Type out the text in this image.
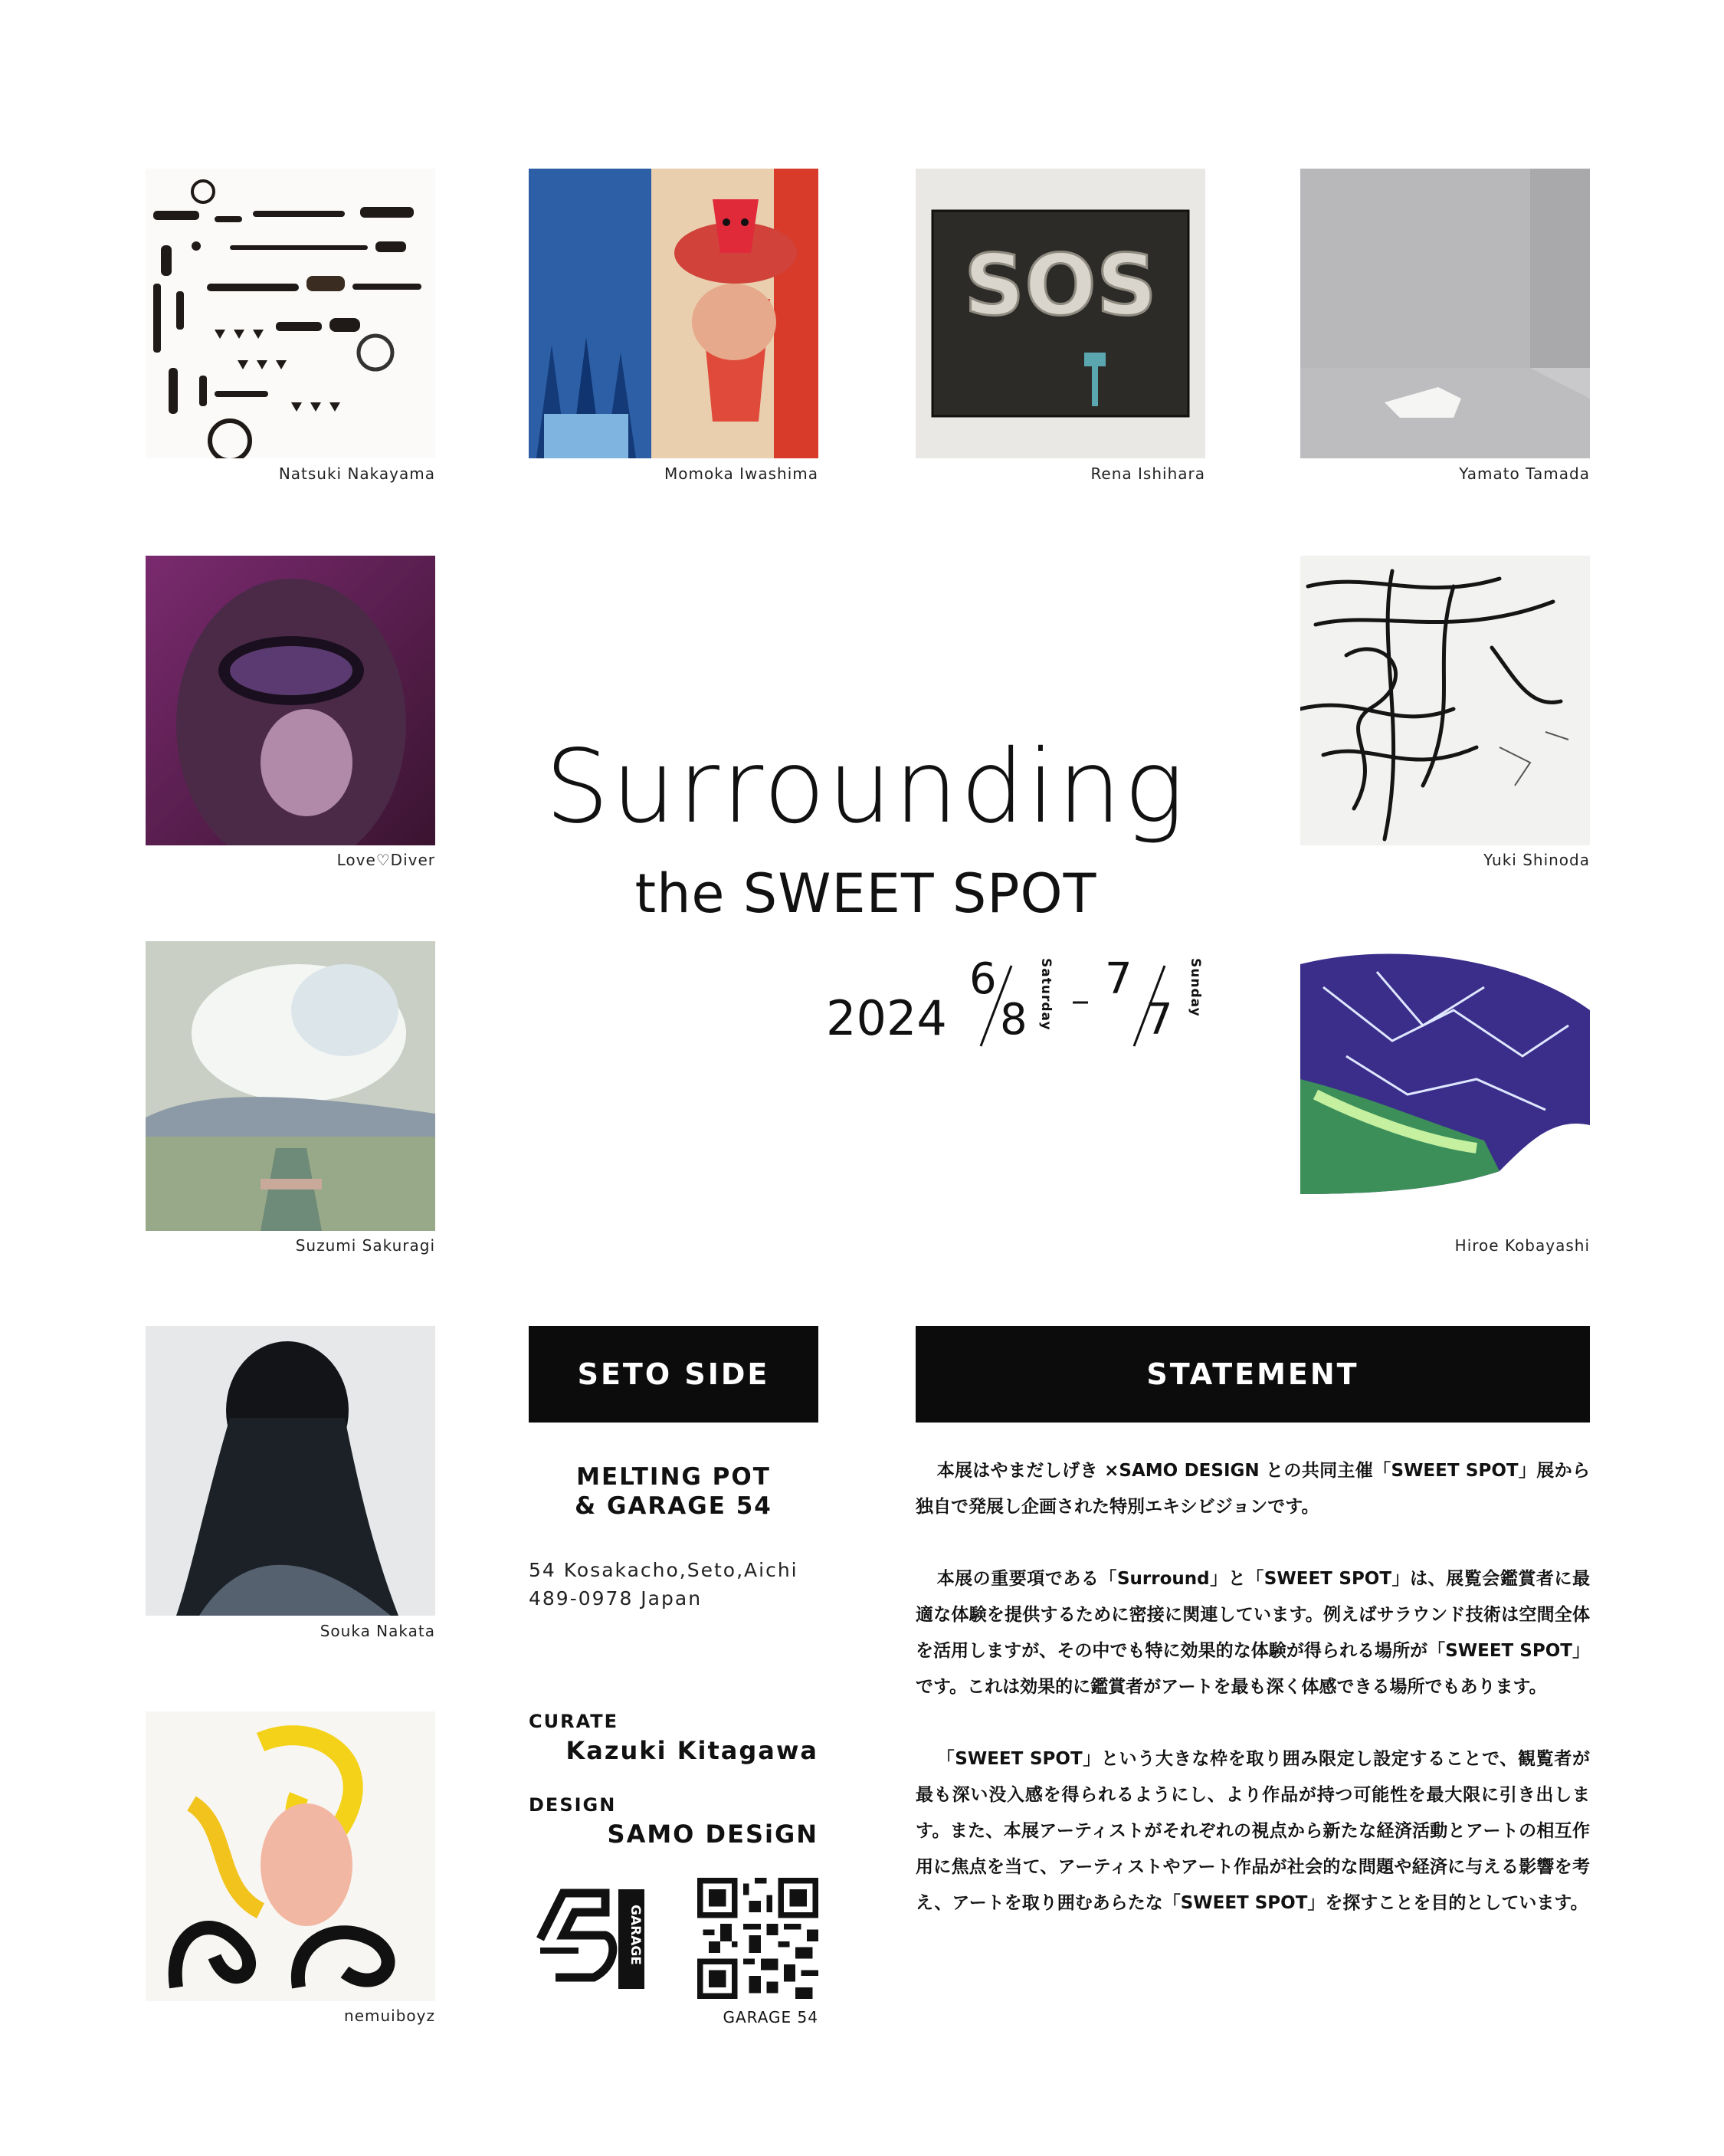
Natsuki Nakayama	Momoka Iwashima
SOS
Rena Ishihara	Yamato Tamada
Love♡Diver	Yuki Shinoda
Surrounding
the SWEET SPOT
2024
6
8 Saturday 7
7
Sunday
Suzumi Sakuragi	Hiroe Kobayashi
Souka Nakata
nemuiboyz
SETO SIDE
MELTING POT
& GARAGE 54
54 Kosakacho,Seto,Aichi
489-0978 Japan
CURATE
Kazuki Kitagawa
DESIGN
SAMO DESiGN
GARAGE
GARAGE 54
STATEMENT

本展はやまだしげき ×SAMO DESIGN との共同主催「SWEET SPOT」展から独自で発展し企画された特別エキシビジョンです。

本展の重要項である「Surround」と「SWEET SPOT」は、展覧会鑑賞者に最適な体験を提供するために密接に関連しています。例えばサラウンド技術は空間全体を活用しますが、その中でも特に効果的な体験が得られる場所が「SWEET SPOT」です。これは効果的に鑑賞者がアートを最も深く体感できる場所でもあります。

「SWEET SPOT」という大きな枠を取り囲み限定し設定することで、観覧者が最も深い没入感を得られるようにし、より作品が持つ可能性を最大限に引き出します。また、本展アーティストがそれぞれの視点から新たな経済活動とアートの相互作用に焦点を当て、アーティストやアート作品が社会的な問題や経済に与える影響を考え、アートを取り囲むあらたな「SWEET SPOT」を探すことを目的としています。
